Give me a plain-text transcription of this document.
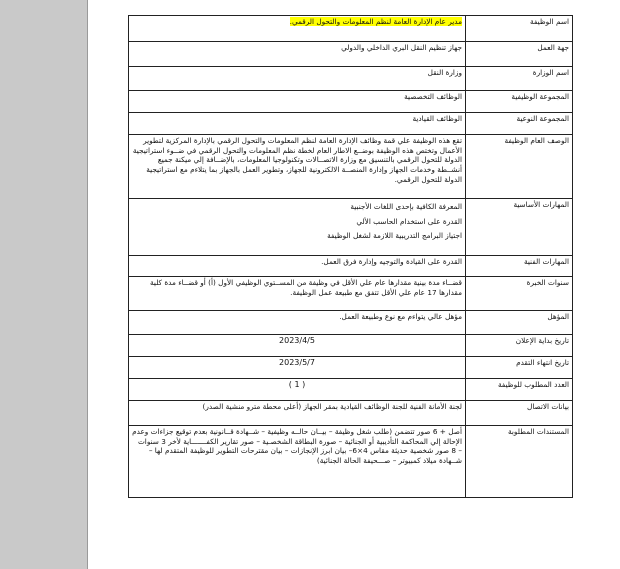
اسم الوظيفة	مدير عام الإدارة العامة لنظم المعلومات والتحول الرقمي.
جهة العمل	جهاز تنظيم النقل البري الداخلي والدولي
اسم الوزارة	وزارة النقل
المجموعة الوظيفية	الوظائف التخصصية
المجموعة النوعية	الوظائف القيادية
الوصف العام الوظيفة	تقع هذه الوظيفة علي قمة وظائف الإدارة العامة لنظم المعلومات والتحول الرقمي بالإدارة المركزية لتطوير الأعمال وتختص هذه الوظيفة بوضــع الاطار العام لخطة نظم المعلومات والتحول الرقمي في ضــوء استراتيجية الدولة للتحول الرقمي بالتنسيق مع وزارة الاتصــالات وتكنولوجيا المعلومات، بالإضــافة إلي ميكنة جميع أنشــطة وخدمات الجهاز وإدارة المنصــة الالكترونية للجهاز، وتطوير العمل بالجهاز بما يتلاءم مع استراتيجية الدولة للتحول الرقمي.
المهارات الأساسية	المعرفة الكافية بإحدى اللغات الأجنبية
القدرة على استخدام الحاسب الألي
اجتياز البرامج التدريبية اللازمة لشغل الوظيفة

المهارات الفنية	القدرة على القيادة والتوجيه وإدارة فرق العمل.
سنوات الخبرة	قضــاء مدة بينية مقدارها عام علي الأقل في وظيفة من المســتوي الوظيفي الأول (أ) أو قضــاء مدة كلية مقدارها 17 عام علي الأقل تتفق مع طبيعة عمل الوظيفة.
المؤهل	مؤهل عالي يتواءم مع نوع وطبيعة العمل.
تاريخ بداية الإعلان	2023/4/5
تاريخ انتهاء التقدم	2023/5/7
العدد المطلوب للوظيفة	( 1 )
بيانات الاتصال	لجنة الأمانة الفنية للجنة الوظائف القيادية بمقر الجهاز (أعلى محطة مترو منشية الصدر)
المستندات المطلوبة	أصل + 6 صور تتضمن (طلب شغل وظيفة – بيــان حالــه وظيفية – شــهادة قــانونية بعدم توقيع جزاءات وعدم الإحالة إلي المحاكمة التأديبية أو الجنائية – صورة البطاقة الشخصـية – صور تقارير الكفـــــــاية لأخر 3 سنوات – 8 صور شخصية حديثة مقاس 4×6– بيان ابرز الإنجازات – بيان مقترحات التطوير للوظيفة المتقدم لها – شــهادة ميلاد كمبيوتر – صـــحيفة الحالة الجنائية)
